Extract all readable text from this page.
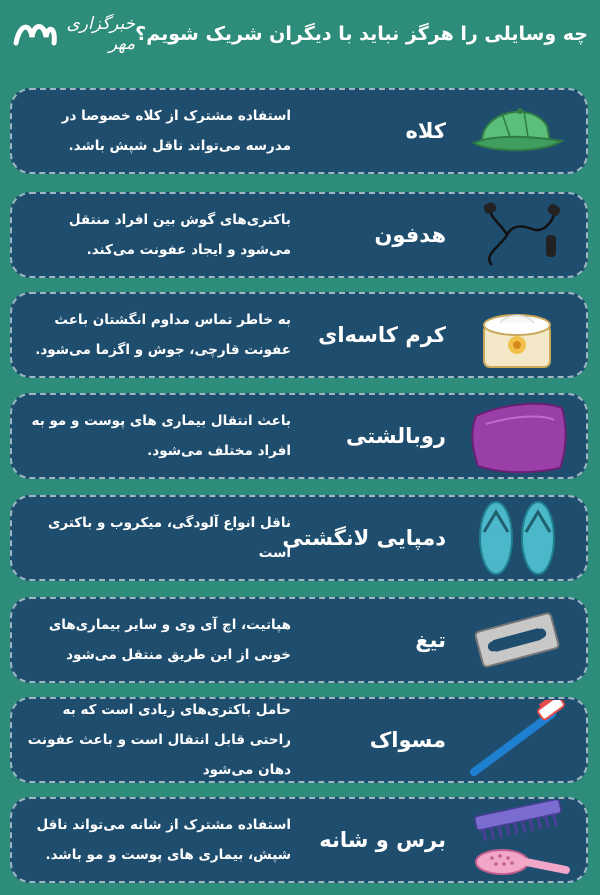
چه وسایلی را هرگز نباید با دیگران شریک شویم؟
خبرگزاری مهر
کلاه
استفاده مشترک از کلاه خصوصا در مدرسه می‌تواند ناقل شپش باشد.
هدفون
باکتری‌های گوش بین افراد منتقل می‌شود و ایجاد عفونت می‌کند.
کرم کاسه‌ای
به خاطر تماس مداوم انگشتان باعث عفونت قارچی، جوش و اگزما می‌شود.
روبالشتی
باعث انتقال بیماری های پوست و مو به افراد مختلف می‌شود.
دمپایی لانگشتی
ناقل انواع آلودگی، میکروب و باکتری است
تیغ
هپاتیت، اچ آی وی و سایر بیماری‌های خونی از این طریق منتقل می‌شود
مسواک
حامل باکتری‌های زیادی است که به راحتی قابل انتقال است و باعث عفونت دهان می‌شود
برس و شانه
استفاده مشترک از شانه می‌تواند ناقل شپش، بیماری های پوست و مو باشد.
